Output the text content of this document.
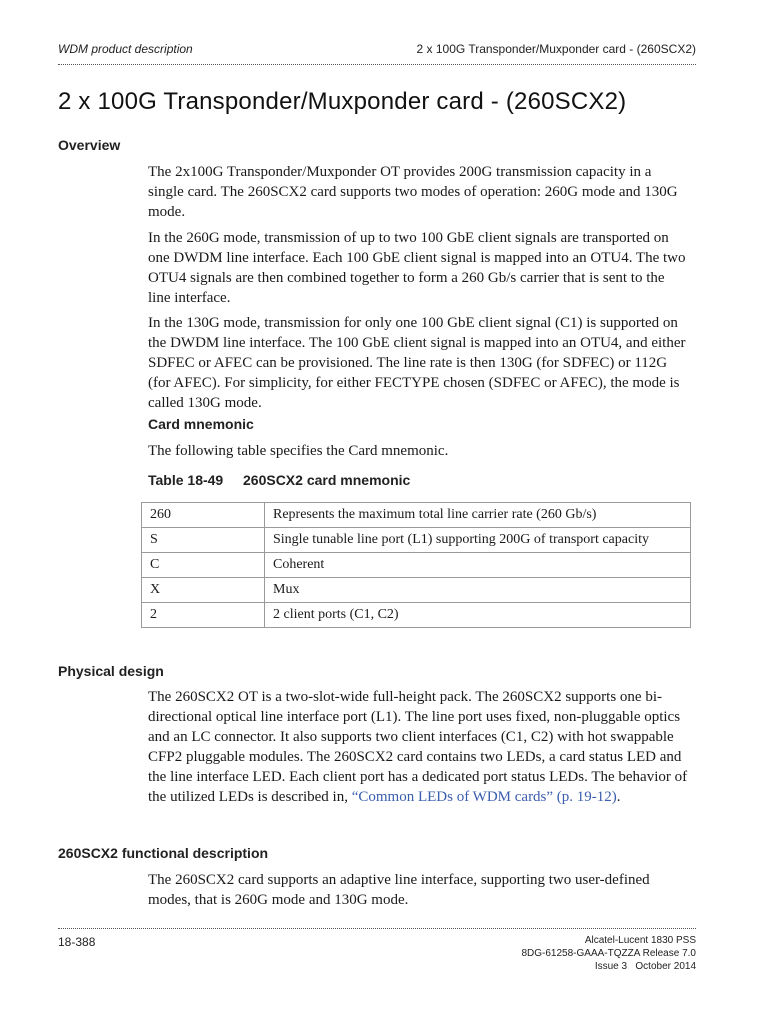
WDM product description	2 x 100G Transponder/Muxponder card - (260SCX2)
2 x 100G Transponder/Muxponder card - (260SCX2)
Overview

The 2x100G Transponder/Muxponder OT provides 200G transmission capacity in a single card. The 260SCX2 card supports two modes of operation: 260G mode and 130G mode.

In the 260G mode, transmission of up to two 100 GbE client signals are transported on one DWDM line interface. Each 100 GbE client signal is mapped into an OTU4. The two OTU4 signals are then combined together to form a 260 Gb/s carrier that is sent to the line interface.

In the 130G mode, transmission for only one 100 GbE client signal (C1) is supported on the DWDM line interface. The 100 GbE client signal is mapped into an OTU4, and either SDFEC or AFEC can be provisioned. The line rate is then 130G (for SDFEC) or 112G (for AFEC). For simplicity, for either FECTYPE chosen (SDFEC or AFEC), the mode is called 130G mode.

Card mnemonic

The following table specifies the Card mnemonic.

Table 18-49 260SCX2 card mnemonic
260	Represents the maximum total line carrier rate (260 Gb/s)
S	Single tunable line port (L1) supporting 200G of transport capacity
C	Coherent
X	Mux
2	2 client ports (C1, C2)
Physical design

The 260SCX2 OT is a two-slot-wide full-height pack. The 260SCX2 supports one bi-directional optical line interface port (L1). The line port uses fixed, non-pluggable optics and an LC connector. It also supports two client interfaces (C1, C2) with hot swappable CFP2 pluggable modules. The 260SCX2 card contains two LEDs, a card status LED and the line interface LED. Each client port has a dedicated port status LEDs. The behavior of the utilized LEDs is described in, “Common LEDs of WDM cards” (p. 19-12).

260SCX2 functional description

The 260SCX2 card supports an adaptive line interface, supporting two user-defined modes, that is 260G mode and 130G mode.

18-388	Alcatel-Lucent 1830 PSS
8DG-61258-GAAA-TQZZA Release 7.0
Issue 3   October 2014
